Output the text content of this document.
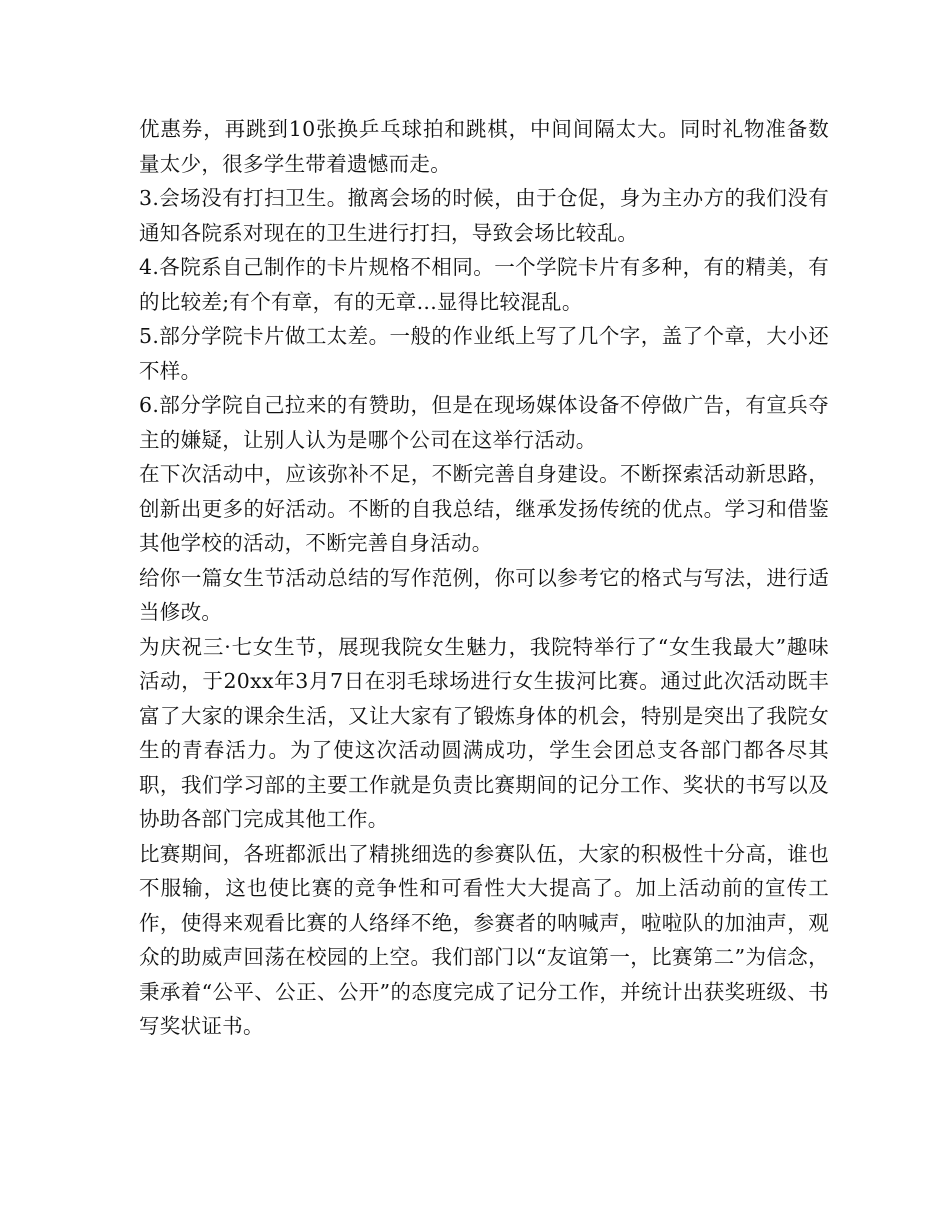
优惠券，再跳到10张换乒乓球拍和跳棋，中间间隔太大。同时礼物准备数量太少，很多学生带着遗憾而走。

3.会场没有打扫卫生。撤离会场的时候，由于仓促，身为主办方的我们没有通知各院系对现在的卫生进行打扫，导致会场比较乱。

4.各院系自己制作的卡片规格不相同。一个学院卡片有多种，有的精美，有的比较差;有个有章，有的无章...显得比较混乱。

5.部分学院卡片做工太差。一般的作业纸上写了几个字，盖了个章，大小还不样。

6.部分学院自己拉来的有赞助，但是在现场媒体设备不停做广告，有宣兵夺主的嫌疑，让别人认为是哪个公司在这举行活动。

在下次活动中，应该弥补不足，不断完善自身建设。不断探索活动新思路，创新出更多的好活动。不断的自我总结，继承发扬传统的优点。学习和借鉴其他学校的活动，不断完善自身活动。

给你一篇女生节活动总结的写作范例，你可以参考它的格式与写法，进行适当修改。

为庆祝三·七女生节，展现我院女生魅力，我院特举行了“女生我最大”趣味活动，于20xx年3月7日在羽毛球场进行女生拔河比赛。通过此次活动既丰富了大家的课余生活，又让大家有了锻炼身体的机会，特别是突出了我院女生的青春活力。为了使这次活动圆满成功，学生会团总支各部门都各尽其职，我们学习部的主要工作就是负责比赛期间的记分工作、奖状的书写以及协助各部门完成其他工作。

比赛期间，各班都派出了精挑细选的参赛队伍，大家的积极性十分高，谁也不服输，这也使比赛的竞争性和可看性大大提高了。加上活动前的宣传工作，使得来观看比赛的人络绎不绝，参赛者的呐喊声，啦啦队的加油声，观众的助威声回荡在校园的上空。我们部门以“友谊第一，比赛第二”为信念，秉承着“公平、公正、公开”的态度完成了记分工作，并统计出获奖班级、书写奖状证书。
